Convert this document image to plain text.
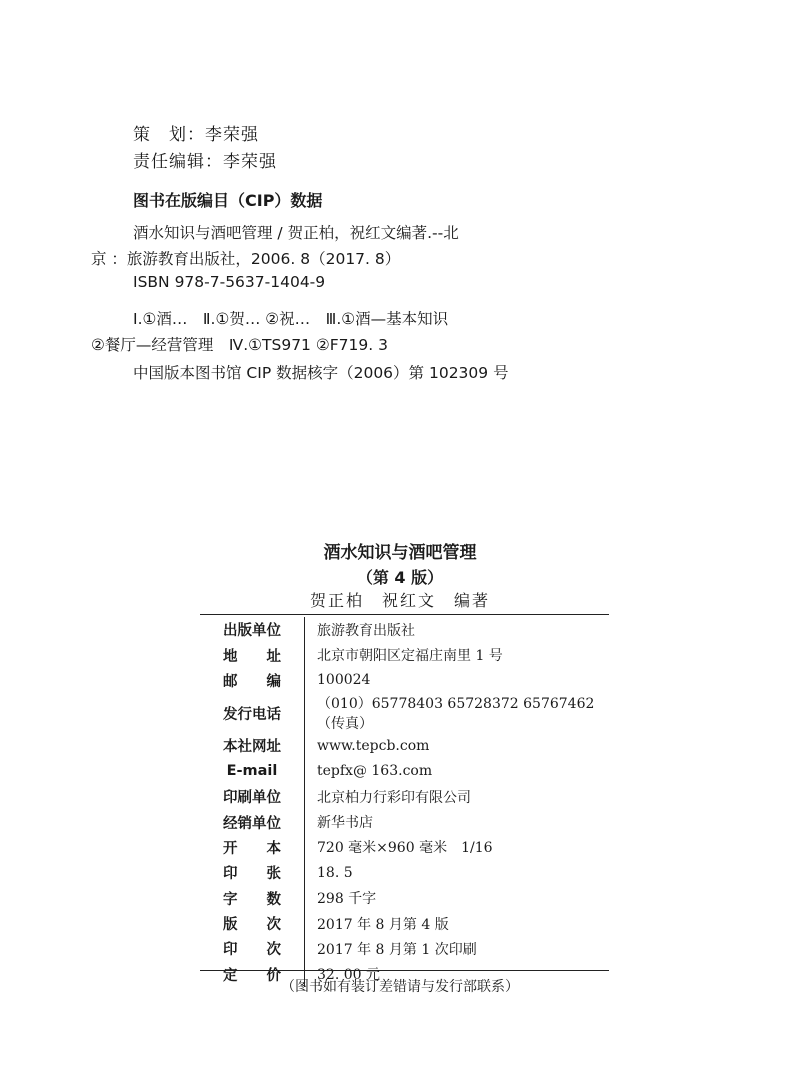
策　划：李荣强
责任编辑：李荣强
图书在版编目（CIP）数据
酒水知识与酒吧管理 / 贺正柏，祝红文编著.--北
京 ：旅游教育出版社，2006. 8（2017. 8）
ISBN 978-7-5637-1404-9
Ⅰ.①酒…　Ⅱ.①贺… ②祝…　Ⅲ.①酒—基本知识
②餐厅—经营管理　Ⅳ.①TS971 ②F719. 3
中国版本图书馆 CIP 数据核字（2006）第 102309 号
酒水知识与酒吧管理
（第 4 版）
贺正柏　祝红文　编著
出版单位	旅游教育出版社
地　　址	北京市朝阳区定福庄南里 1 号
邮　　编	100024
发行电话	（010）65778403 65728372 65767462（传真）
本社网址	www.tepcb.com
E-mail	tepfx@ 163.com
印刷单位	北京柏力行彩印有限公司
经销单位	新华书店
开　　本	720 毫米×960 毫米　1/16
印　　张	18. 5
字　　数	298 千字
版　　次	2017 年 8 月第 4 版
印　　次	2017 年 8 月第 1 次印刷
定　　价	32. 00 元
（图书如有装订差错请与发行部联系）
